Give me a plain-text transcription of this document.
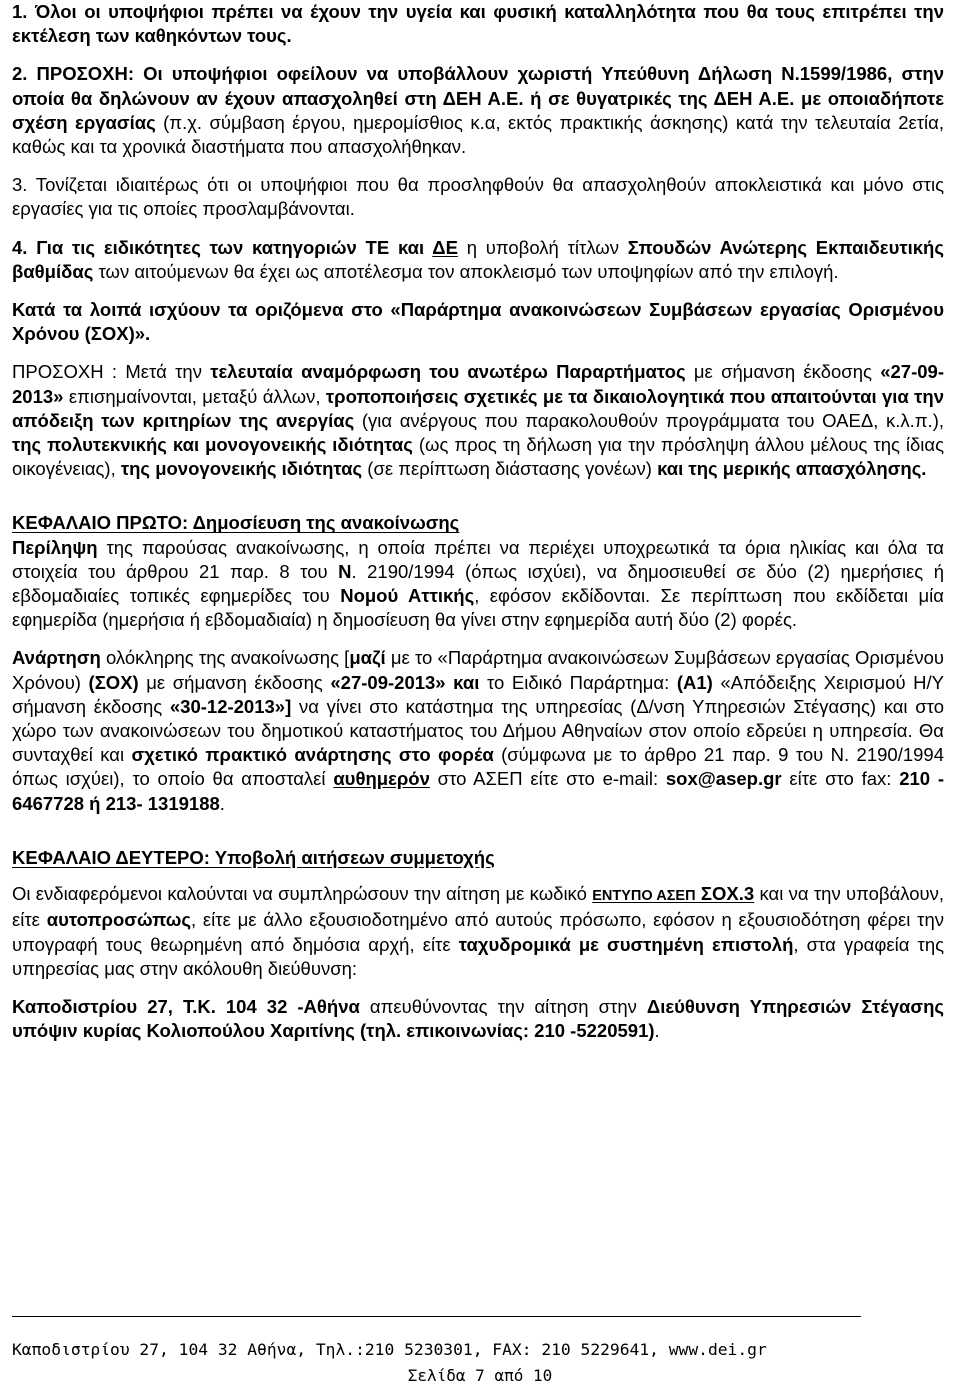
1. Όλοι οι υποψήφιοι πρέπει να έχουν την υγεία και φυσική καταλληλότητα που θα τους επιτρέπει την εκτέλεση των καθηκόντων τους.

2. ΠΡΟΣΟΧΗ: Οι υποψήφιοι οφείλουν να υποβάλλουν χωριστή Υπεύθυνη Δήλωση Ν.1599/1986, στην οποία θα δηλώνουν αν έχουν απασχοληθεί στη ΔΕΗ Α.Ε. ή σε θυγατρικές της ΔΕΗ Α.Ε. με οποιαδήποτε σχέση εργασίας (π.χ. σύμβαση έργου, ημερομίσθιος κ.α, εκτός πρακτικής άσκησης) κατά την τελευταία 2ετία, καθώς και τα χρονικά διαστήματα που απασχολήθηκαν.

3. Τονίζεται ιδιαιτέρως ότι οι υποψήφιοι που θα προσληφθούν θα απασχοληθούν αποκλειστικά και μόνο στις εργασίες για τις οποίες προσλαμβάνονται.

4. Για τις ειδικότητες των κατηγοριών ΤΕ και ΔΕ η υποβολή τίτλων Σπουδών Ανώτερης Εκπαιδευτικής βαθμίδας των αιτούμενων θα έχει ως αποτέλεσμα τον αποκλεισμό των υποψηφίων από την επιλογή.

Κατά τα λοιπά ισχύουν τα οριζόμενα στο «Παράρτημα ανακοινώσεων Συμβάσεων εργασίας Ορισμένου Χρόνου (ΣΟΧ)».

ΠΡΟΣΟΧΗ : Μετά την τελευταία αναμόρφωση του ανωτέρω Παραρτήματος με σήμανση έκδοσης «27-09-2013» επισημαίνονται, μεταξύ άλλων, τροποποιήσεις σχετικές με τα δικαιολογητικά που απαιτούνται για την απόδειξη των κριτηρίων της ανεργίας (για ανέργους που παρακολουθούν προγράμματα του ΟΑΕΔ, κ.λ.π.), της πολυτεκνικής και μονογονεικής ιδιότητας (ως προς τη δήλωση για την πρόσληψη άλλου μέλους της ίδιας οικογένειας), της μονογονεικής ιδιότητας (σε περίπτωση διάστασης γονέων) και της μερικής απασχόλησης.

ΚΕΦΑΛΑΙΟ ΠΡΩΤΟ: Δημοσίευση της ανακοίνωσης

Περίληψη της παρούσας ανακοίνωσης, η οποία πρέπει να περιέχει υποχρεωτικά τα όρια ηλικίας και όλα τα στοιχεία του άρθρου 21 παρ. 8 του Ν. 2190/1994 (όπως ισχύει), να δημοσιευθεί σε δύο (2) ημερήσιες ή εβδομαδιαίες τοπικές εφημερίδες του Νομού Αττικής, εφόσον εκδίδονται. Σε περίπτωση που εκδίδεται μία εφημερίδα (ημερήσια ή εβδομαδιαία) η δημοσίευση θα γίνει στην εφημερίδα αυτή δύο (2) φορές.

Ανάρτηση ολόκληρης της ανακοίνωσης [μαζί με το «Παράρτημα ανακοινώσεων Συμβάσεων εργασίας Ορισμένου Χρόνου) (ΣΟΧ) με σήμανση έκδοσης «27-09-2013» και το Ειδικό Παράρτημα: (Α1) «Απόδειξης Χειρισμού Η/Υ σήμανση έκδοσης «30-12-2013»] να γίνει στο κατάστημα της υπηρεσίας (Δ/νση Υπηρεσιών Στέγασης) και στο χώρο των ανακοινώσεων του δημοτικού καταστήματος του Δήμου Αθηναίων στον οποίο εδρεύει η υπηρεσία. Θα συνταχθεί και σχετικό πρακτικό ανάρτησης στο φορέα (σύμφωνα με το άρθρο 21 παρ. 9 του Ν. 2190/1994 όπως ισχύει), το οποίο θα αποσταλεί αυθημερόν στο ΑΣΕΠ είτε στο e-mail: sox@asep.gr είτε στο fax: 210 - 6467728 ή 213- 1319188.

ΚΕΦΑΛΑΙΟ ΔΕΥΤΕΡΟ: Υποβολή αιτήσεων συμμετοχής

Οι ενδιαφερόμενοι καλούνται να συμπληρώσουν την αίτηση με κωδικό ΕΝΤΥΠΟ ΑΣΕΠ ΣΟΧ.3 και να την υποβάλουν, είτε αυτοπροσώπως, είτε με άλλο εξουσιοδοτημένο από αυτούς πρόσωπο, εφόσον η εξουσιοδότηση φέρει την υπογραφή τους θεωρημένη από δημόσια αρχή, είτε ταχυδρομικά με συστημένη επιστολή, στα γραφεία της υπηρεσίας μας στην ακόλουθη διεύθυνση:

Καποδιστρίου 27, Τ.Κ. 104 32 -Αθήνα απευθύνοντας την αίτηση στην Διεύθυνση Υπηρεσιών Στέγασης υπόψιν κυρίας Κολιοπούλου Χαριτίνης (τηλ. επικοινωνίας: 210 -5220591).

Καποδιστρίου 27, 104 32 Αθήνα, Τηλ.:210 5230301, FAX: 210 5229641, www.dei.gr
Σελίδα 7 από 10
